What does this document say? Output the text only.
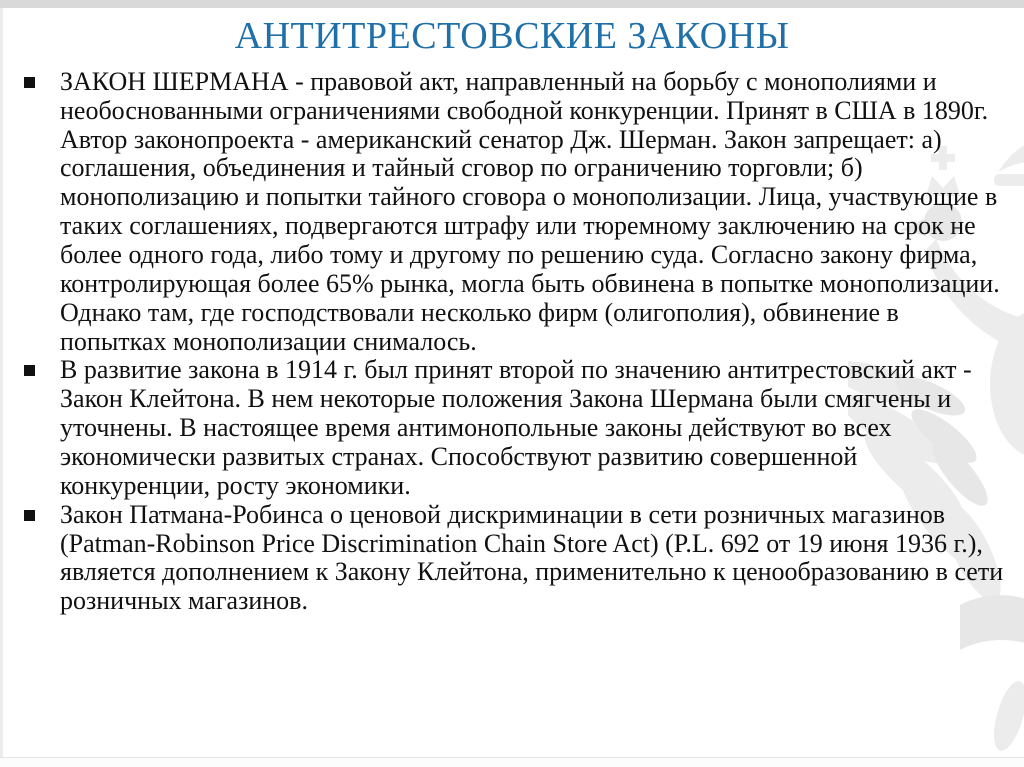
АНТИТРЕСТОВСКИЕ ЗАКОНЫ
ЗАКОН ШЕРМАНА - правовой акт, направленный на борьбу с монополиями и необоснованными ограничениями свободной конкуренции. Принят в США в 1890г. Автор законопроекта - американский сенатор Дж. Шерман. Закон запрещает: а) соглашения, объединения и тайный сговор по ограничению торговли; б) монополизацию и попытки тайного сговора о монополизации. Лица, участвующие в таких соглашениях, подвергаются штрафу или тюремному заключению на срок не более одного года, либо тому и другому по решению суда. Согласно закону фирма, контролирующая более 65% рынка, могла быть обвинена в попытке монополизации. Однако там, где господствовали несколько фирм (олигополия), обвинение в попытках монополизации снималось.
В развитие закона в 1914 г. был принят второй по значению антитрестовский акт - Закон Клейтона. В нем некоторые положения Закона Шермана были смягчены и уточнены. В настоящее время антимонопольные законы действуют во всех экономически развитых странах. Способствуют развитию совершенной конкуренции, росту экономики.
Закон Патмана-Робинса о ценовой дискриминации в сети розничных магазинов (Patman-Robinson Price Discrimination Chain Store Act) (P.L. 692 от 19 июня 1936 г.), является дополнением к Закону Клейтона, применительно к ценообразованию в сети розничных магазинов.
